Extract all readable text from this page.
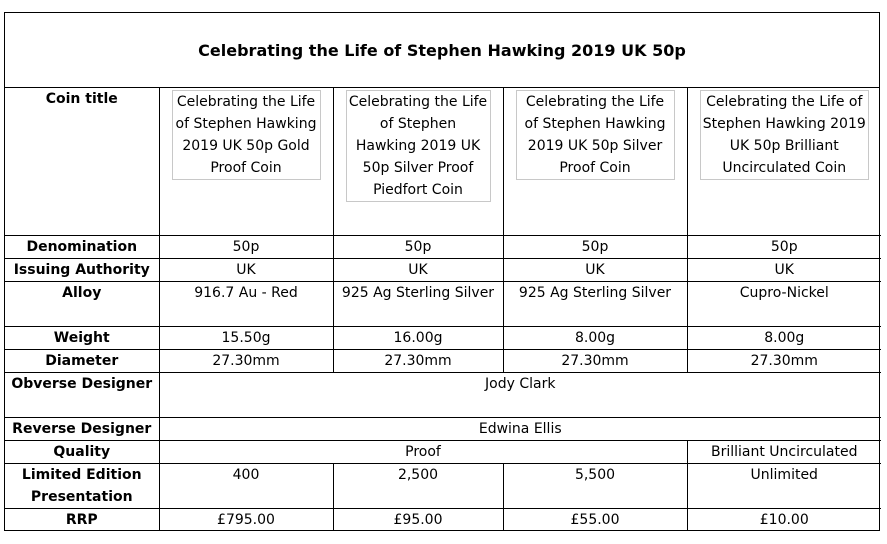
Celebrating the Life of Stephen Hawking 2019 UK 50p
Coin title	Celebrating the Life of Stephen Hawking 2019 UK 50p Gold Proof Coin	Celebrating the Life of Stephen Hawking 2019 UK 50p Silver Proof Piedfort Coin	Celebrating the Life of Stephen Hawking 2019 UK 50p Silver Proof Coin	Celebrating the Life of Stephen Hawking 2019 UK 50p Brilliant Uncirculated Coin

Denomination	50p	50p	50p	50p
Issuing Authority	UK	UK	UK	UK
Alloy	916.7 Au - Red	925 Ag Sterling Silver	925 Ag Sterling Silver	Cupro-Nickel
Weight	15.50g	16.00g	8.00g	8.00g
Diameter	27.30mm	27.30mm	27.30mm	27.30mm
Obverse Designer	Jody Clark			
Reverse Designer	Edwina Ellis			
Quality	Proof			Brilliant Uncirculated
Limited Edition Presentation	400	2,500	5,500	Unlimited
RRP	£795.00	£95.00	£55.00	£10.00
